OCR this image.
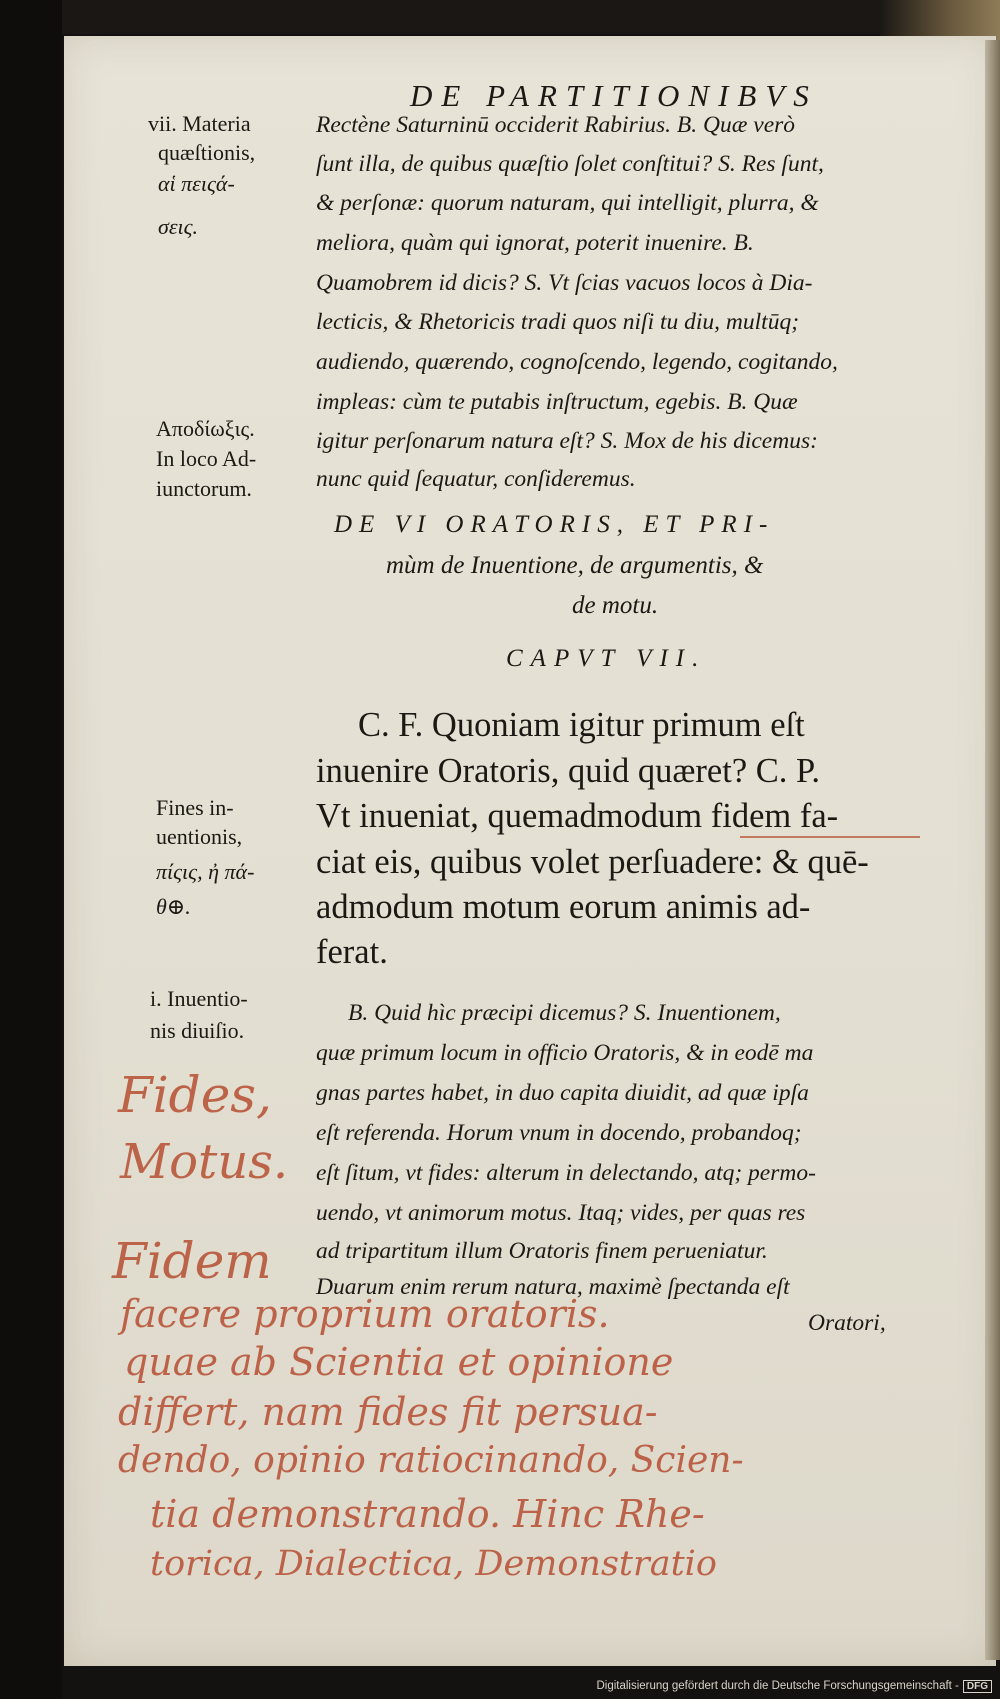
DE PARTITIONIBVS
vii. Materia
quæſtionis,
αἱ πειςά-
σεις.
Αποδίωξις.
In loco Ad-
iunctorum.
Fines in-
uentionis,
πίςις, ἠ πά-
θ⊕.
i. Inuentio-
nis diuiſio.
Rectène Saturninū occiderit Rabirius. B. Quæ verò
ſunt illa, de quibus quæſtio ſolet conſtitui? S. Res ſunt,
& perſonæ: quorum naturam, qui intelligit, plurra, &
meliora, quàm qui ignorat, poterit inuenire. B.
Quamobrem id dicis? S. Vt ſcias vacuos locos à Dia-
lecticis, & Rhetoricis tradi quos niſi tu diu, multūq;
audiendo, quærendo, cognoſcendo, legendo, cogitando,
impleas: cùm te putabis inſtructum, egebis. B. Quæ
igitur perſonarum natura eſt? S. Mox de his dicemus:
nunc quid ſequatur, conſideremus.
DE VI ORATORIS, ET PRI-
mùm de Inuentione, de argumentis, &
de motu.
CAPVT VII.
C. F. Quoniam igitur primum eſt
inuenire Oratoris, quid quæret? C. P.
Vt inueniat, quemadmodum fidem fa-
ciat eis, quibus volet perſuadere: & quē-
admodum motum eorum animis ad-
ferat.
B. Quid hìc præcipi dicemus? S. Inuentionem,
quæ primum locum in officio Oratoris, & in eodē ma
gnas partes habet, in duo capita diuidit, ad quæ ipſa
eſt referenda. Horum vnum in docendo, probandoq;
eſt ſitum, vt fides: alterum in delectando, atq; permo-
uendo, vt animorum motus. Itaq; vides, per quas res
ad tripartitum illum Oratoris finem perueniatur.
Duarum enim rerum natura, maximè ſpectanda eſt
Oratori,
Fides,
Motus.
Fidem
facere proprium oratoris.
quae ab Scientia et opinione
differt, nam fides fit persua-
dendo, opinio ratiocinando, Scien-
tia demonstrando. Hinc Rhe-
torica, Dialectica, Demonstratio
Digitalisierung gefördert durch die Deutsche Forschungsgemeinschaft - DFG
